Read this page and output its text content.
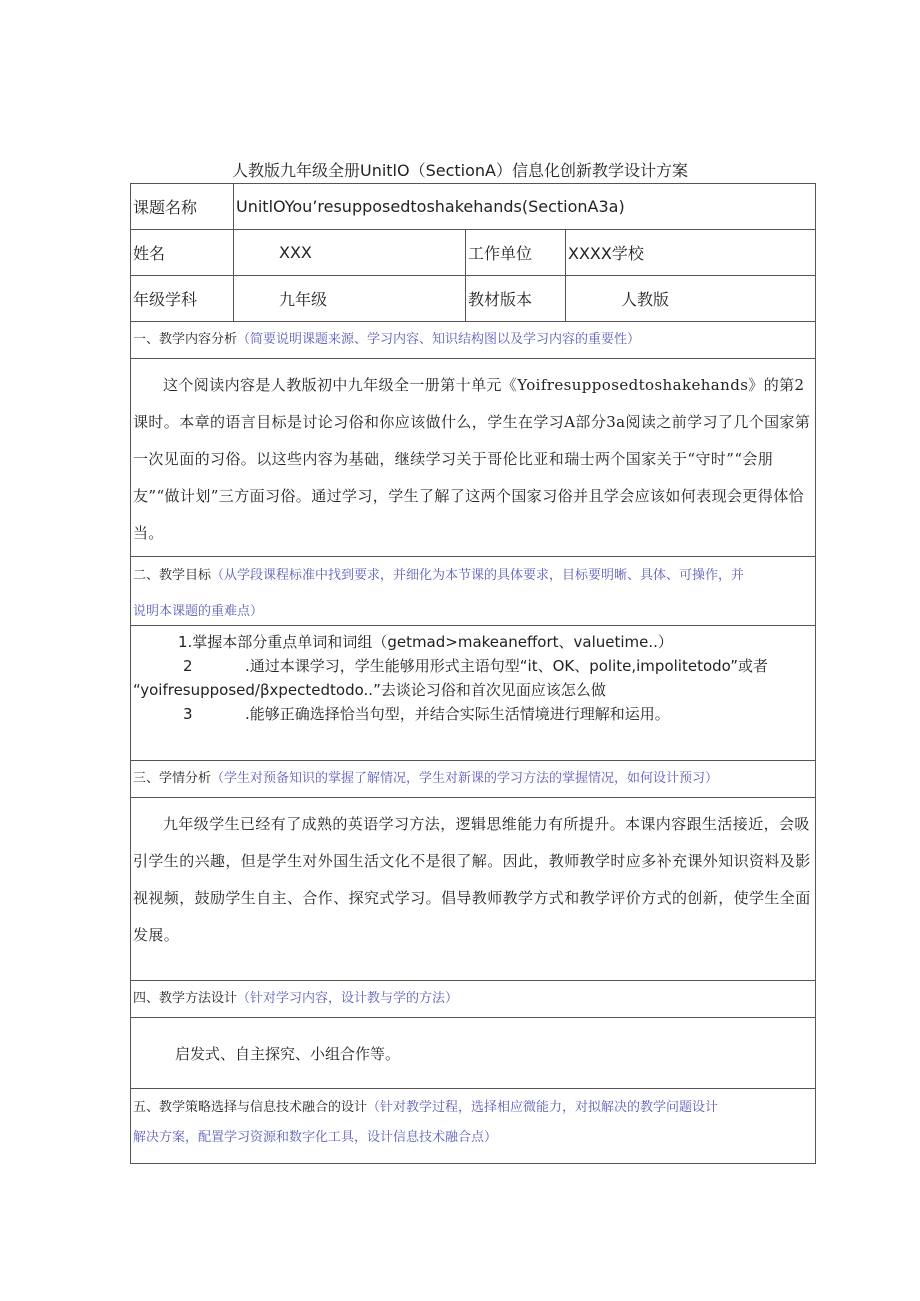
人教版九年级全册UnitlO（SectionA）信息化创新教学设计方案
课题名称	UnitlOYou’resupposedtoshakehands(SectionA3a)		
姓名	XXX	工作单位	XXXX学校
年级学科	九年级	教材版本	人教版
一、教学内容分析（简要说明课题来源、学习内容、知识结构图以及学习内容的重要性）			
这个阅读内容是人教版初中九年级全一册第十单元《Yoifresupposedtoshakehands》的第2课时。本章的语言目标是讨论习俗和你应该做什么，学生在学习A部分3a阅读之前学习了几个国家第一次见面的习俗。以这些内容为基础，继续学习关于哥伦比亚和瑞士两个国家关于“守时”“会朋友”“做计划”三方面习俗。通过学习，学生了解了这两个国家习俗并且学会应该如何表现会更得体恰当。			

二、教学目标（从学段课程标准中找到要求，并细化为本节课的具体要求，目标要明晰、具体、可操作，并
说明本课题的重难点）			

1.掌握本部分重点单词和词组（getmad>makeaneffort、valuetime..）
2 .通过本课学习，学生能够用形式主语句型“it、OK、polite,impolitetodo”或者
“yoifresupposed/βxpectedtodo..”去谈论习俗和首次见面应该怎么做
3 .能够正确选择恰当句型，并结合实际生活情境进行理解和运用。			

三、学情分析（学生对预备知识的掌握了解情况，学生对新课的学习方法的掌握情况，如何设计预习）			
九年级学生已经有了成熟的英语学习方法，逻辑思维能力有所提升。本课内容跟生活接近，会吸引学生的兴趣，但是学生对外国生活文化不是很了解。因此，教师教学时应多补充课外知识资料及影视视频，鼓励学生自主、合作、探究式学习。倡导教师教学方式和教学评价方式的创新，使学生全面发展。			
四、教学方法设计（针对学习内容，设计教与学的方法）			
启发式、自主探究、小组合作等。			

五、教学策略选择与信息技术融合的设计（针对教学过程，选择相应微能力，对拟解决的教学问题设计
解决方案，配置学习资源和数字化工具，设计信息技术融合点）			
